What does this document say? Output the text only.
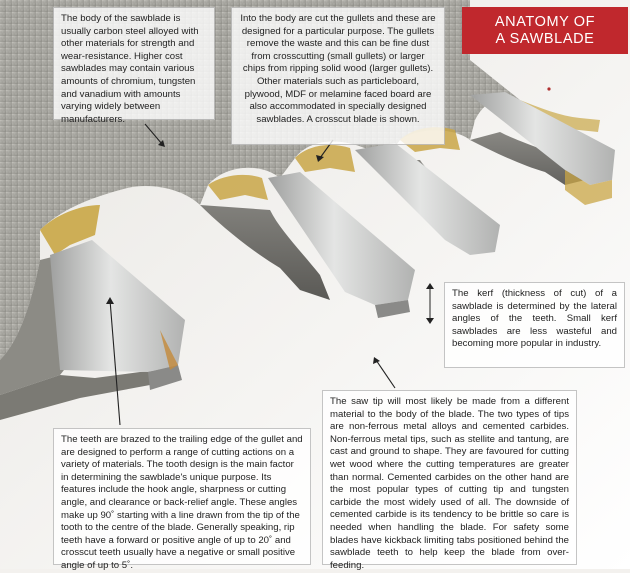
ANATOMY OF
A SAWBLADE
The body of the sawblade is usually carbon steel alloyed with other materials for strength and wear-resistance. Higher cost sawblades may contain various amounts of chromium, tungsten and vanadium with amounts varying widely between manufacturers.
Into the body are cut the gullets and these are designed for a particular purpose. The gullets remove the waste and this can be fine dust from crosscutting (small gullets) or larger chips from ripping solid wood (larger gullets). Other materials such as particleboard, plywood, MDF or melamine faced board are also accommodated in specially designed sawblades. A crosscut blade is shown.
The kerf (thickness of cut) of a sawblade is determined by the lateral angles of the teeth. Small kerf sawblades are less wasteful and becoming more popular in industry.
The teeth are brazed to the trailing edge of the gullet and are designed to perform a range of cutting actions on a variety of materials. The tooth design is the main factor in determining the sawblade's unique purpose. Its features include the hook angle, sharpness or cutting angle, and clearance or back-relief angle. These angles make up 90˚ starting with a line drawn from the tip of the tooth to the centre of the blade. Generally speaking, rip teeth have a forward or positive angle of up to 20˚ and crosscut teeth usually have a negative or small positive angle of up to 5˚.
The saw tip will most likely be made from a different material to the body of the blade. The two types of tips are non-ferrous metal alloys and cemented carbides. Non-ferrous metal tips, such as stellite and tantung, are cast and ground to shape. They are favoured for cutting wet wood where the cutting temperatures are greater than normal. Cemented carbides on the other hand are the most popular types of cutting tip and tungsten carbide the most widely used of all. The downside of cemented carbide is its tendency to be brittle so care is needed when handling the blade. For safety some blades have kickback limiting tabs positioned behind the sawblade teeth to help keep the blade from over-feeding.
